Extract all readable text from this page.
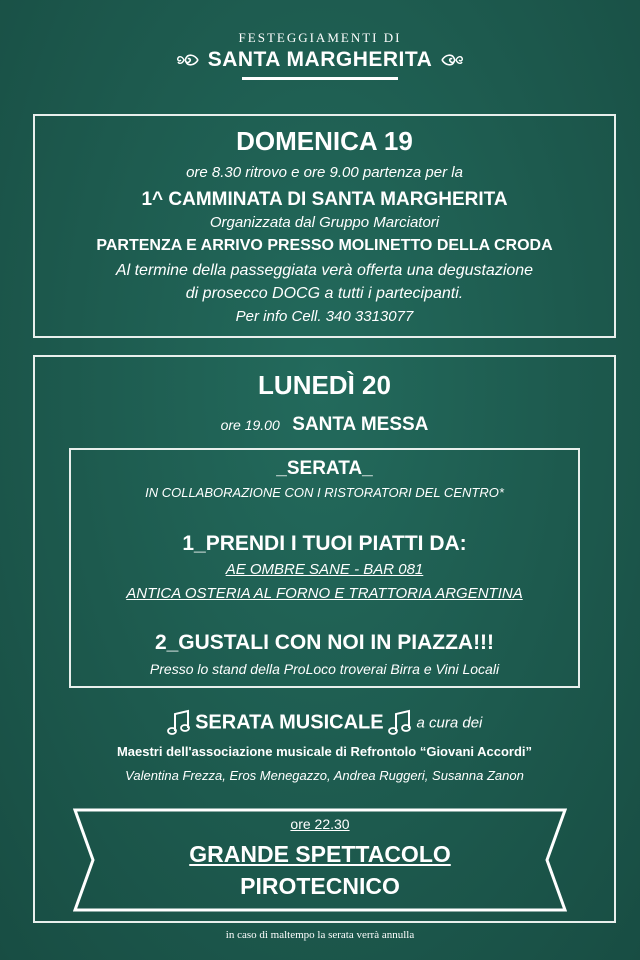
FESTEGGIAMENTI DI
SANTA MARGHERITA
DOMENICA 19
ore 8.30 ritrovo e ore 9.00 partenza per la
1^ CAMMINATA DI SANTA MARGHERITA
Organizzata dal Gruppo Marciatori
PARTENZA E ARRIVO PRESSO MOLINETTO DELLA CRODA
Al termine della passeggiata verà offerta una degustazione
di prosecco DOCG a tutti i partecipanti.
Per info Cell. 340 3313077
LUNEDÌ 20
ore 19.00 SANTA MESSA
SERATA MUSICALE a cura dei
Maestri dell'associazione musicale di Refrontolo “Giovani Accordi”
Valentina Frezza, Eros Menegazzo, Andrea Ruggeri, Susanna Zanon
_SERATA_
IN COLLABORAZIONE CON I RISTORATORI DEL CENTRO*
1_PRENDI I TUOI PIATTI DA:
AE OMBRE SANE - BAR 081
ANTICA OSTERIA AL FORNO E TRATTORIA ARGENTINA
2_GUSTALI CON NOI IN PIAZZA!!!
Presso lo stand della ProLoco troverai Birra e Vini Locali
ore 22.30
GRANDE SPETTACOLO
PIROTECNICO
in caso di maltempo la serata verrà annulla
